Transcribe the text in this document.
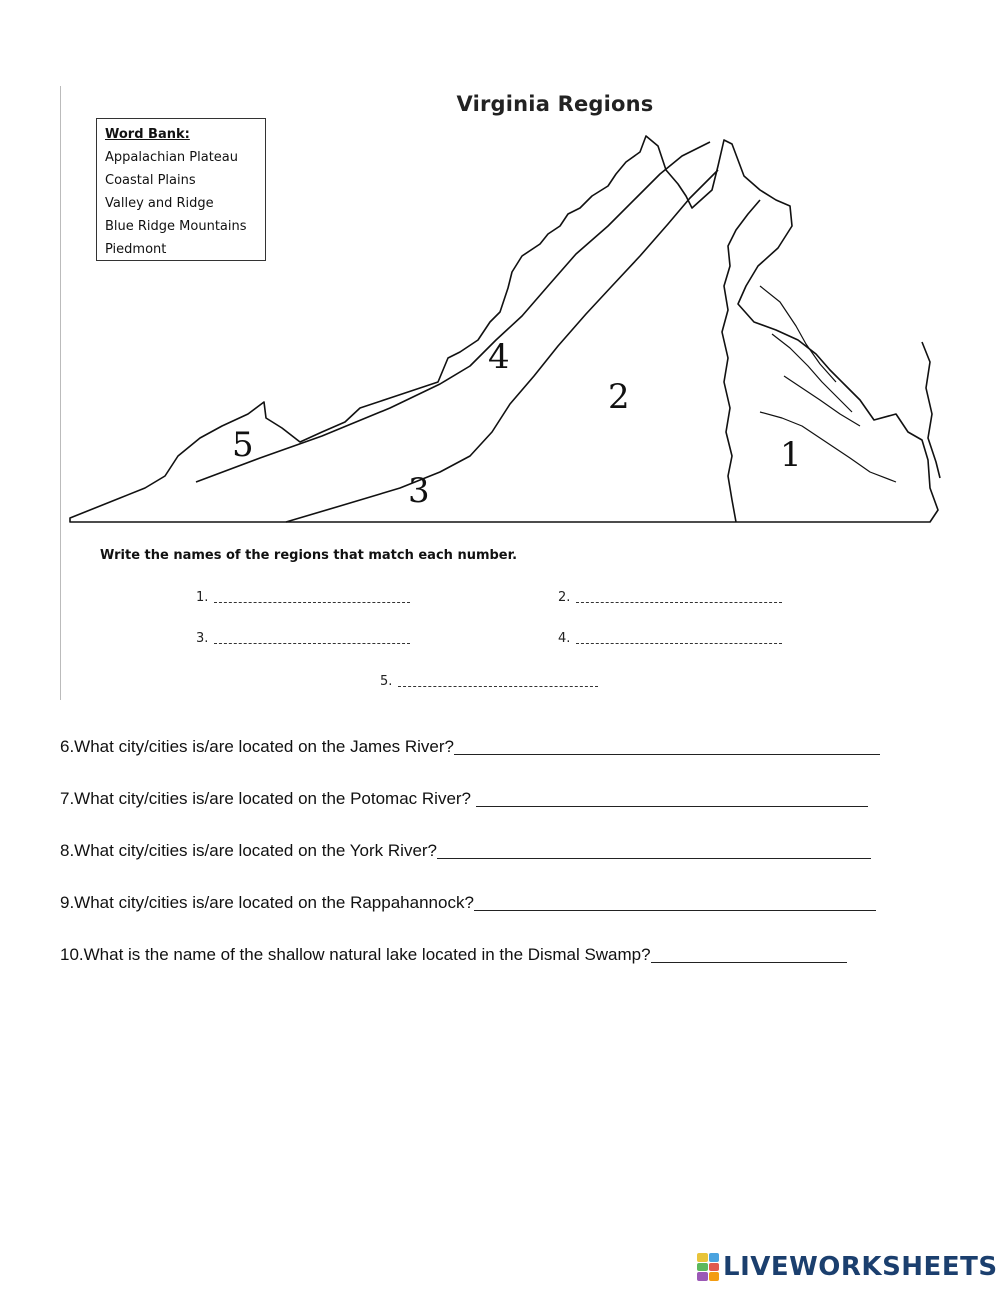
Virginia Regions
Word Bank:
Appalachian Plateau
Coastal Plains
Valley and Ridge
Blue Ridge Mountains
Piedmont
1
2
3
4
5
Write the names of the regions that match each number.
1.	2.
3.	4.
5.
6.What city/cities is/are located on the James River?
7.What city/cities is/are located on the Potomac River?
8.What city/cities is/are located on the York River?
9.What city/cities is/are located on the Rappahannock?
10.What is the name of the shallow natural lake located in the Dismal Swamp?
LIVEWORKSHEETS
